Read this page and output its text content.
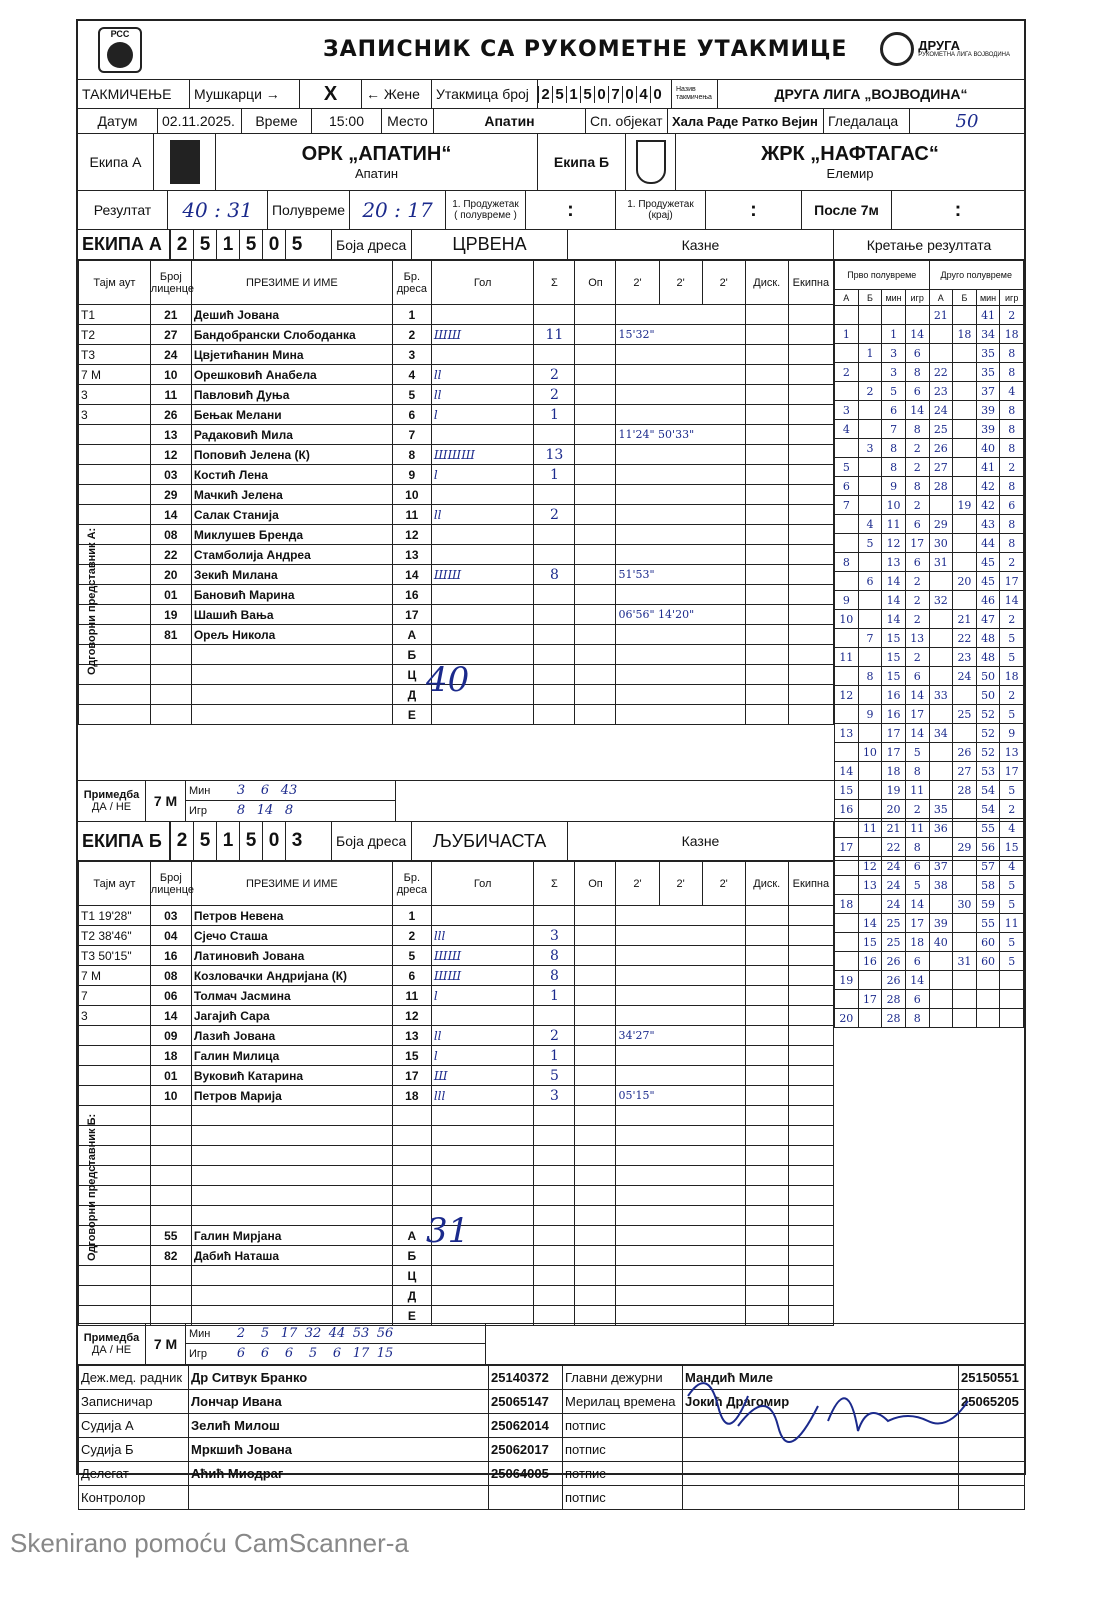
РСС
ЗАПИСНИК СА РУКОМЕТНЕ УТАКМИЦЕ	ДРУГА
РУКОМЕТНА ЛИГА ВОЈВОДИНА
ТАКМИЧЕЊЕ	Мушкарци →	X	← Жене	Утакмица број 2 5 1 5 0 7 0 4 0	Назив такмичења	ДРУГА ЛИГА „ВОЈВОДИНА“
Датум	02.11.2025.	Време	15:00	Место	Апатин	Сп. објекат Хала Раде Ратко Вејин Гледалаца	50
Екипа А	ОРК „АПАТИН“
Апатин
Екипа Б	ЖРК „НАФТАГАС“
Елемир
Резултат	40 : 31	Полувреме 20 : 17	1. Продужетак ( полувреме )	:	1. Продужетак (крај)	:	После 7м	:
ЕКИПА А 2 5 1 5 0 5	Боја дреса	ЦРВЕНА	Казне	Кретање резултата
Тајм аут	Број лиценце	ПРЕЗИМЕ И ИМЕ	Бр. дреса	Гол	Σ	Оп	2'	2'	2'	Диск.	Екипна
T1	21	Дешић Јована	1								
T2	27	Бандобрански Слободанка	2	ШШ	11		15'32"				
T3	24	Цвјетићанин Мина	3								
7 M	10	Орешковић Анабела	4	ll	2						
3	11	Павловић Дуња	5	ll	2						
3	26	Бењак Мелани	6	l	1						
	13	Радаковић Мила	7				11'24" 50'33"				
	12	Поповић Јелена (К)	8	ШШШ	13						
	03	Костић Лена	9	l	1						
	29	Мачкић Јелена	10								
	14	Салак Станија	11	ll	2						
	08	Миклушев Бренда	12								
	22	Стамболија Андреа	13								
	20	Зекић Милана	14	ШШ	8		51'53"				
	01	Бановић Марина	16								
	19	Шашић Вања	17				06'56" 14'20"				
	81	Орељ Никола	А								
			Б								
			Ц								
			Д								
			Е								
Прво полувреме				Друго полувреме			
А	Б	мин	игр	А	Б	мин	игр
				21		41	2
1		1	14		18	34	18
	1	3	6			35	8
2		3	8	22		35	8
	2	5	6	23		37	4
3		6	14	24		39	8
4		7	8	25		39	8
	3	8	2	26		40	8
5		8	2	27		41	2
6		9	8	28		42	8
7		10	2		19	42	6
	4	11	6	29		43	8
	5	12	17	30		44	8
8		13	6	31		45	2
	6	14	2		20	45	17
9		14	2	32		46	14
10		14	2		21	47	2
	7	15	13		22	48	5
11		15	2		23	48	5
	8	15	6		24	50	18
12		16	14	33		50	2
	9	16	17		25	52	5
13		17	14	34		52	9
	10	17	5		26	52	13
14		18	8		27	53	17
15		19	11		28	54	5
16		20	2	35		54	2
	11	21	11	36		55	4
17		22	8		29	56	15
	12	24	6	37		57	4
	13	24	5	38		58	5
18		24	14		30	59	5
	14	25	17	39		55	11
	15	25	18	40		60	5
	16	26	6		31	60	5
19		26	14				
	17	28	6				
20		28	8				
Одговорни представник А:
40
Примедба
ДА / НЕ	7 M
Мин	3	6 43
Игр	8 14 8
ЕКИПА Б 2 5 1 5 0 3	Боја дреса	ЉУБИЧАСТА	Казне
Тајм аут	Број лиценце	ПРЕЗИМЕ И ИМЕ	Бр. дреса	Гол	Σ	Оп	2'	2'	2'	Диск.	Екипна
T1 19'28"	03	Петров Невена	1								
T2 38'46"	04	Сјечо Сташа	2	lll	3						
T3 50'15"	16	Латиновић Јована	5	ШШ	8						
7 M	08	Козловачки Андријана (К)	6	ШШ	8						
7	06	Толмач Јасмина	11	l	1						
3	14	Јагајић Сара	12								
	09	Лазић Јована	13	ll	2		34'27"				
	18	Галин Милица	15	l	1						
	01	Вуковић Катарина	17	Ш	5						
	10	Петров Марија	18	lll	3		05'15"				

	55	Галин Мирјана	А								
	82	Дабић Наташа	Б								
			Ц								
			Д								
			Е								
Одговорни представник Б:	31
Примедба
ДА / НЕ	7 M
Мин	2	5 17 32 44 53 56
Игр	6	6	6	5	6 17 15
Деж.мед. радник	Др Ситвук Бранко	25140372	Главни дежурни	Мандић Миле	25150551
Записничар	Лончар Ивана	25065147	Мерилац времена	Јокић Драгомир	25065205
Судија А	Зелић Милош	25062014	потпис		
Судија Б	Мркшић Јована	25062017	потпис		
Делегат	Аћић Миодраг	25064005	потпис		
Контролор			потпис		
Skenirano pomoću CamScanner-a
